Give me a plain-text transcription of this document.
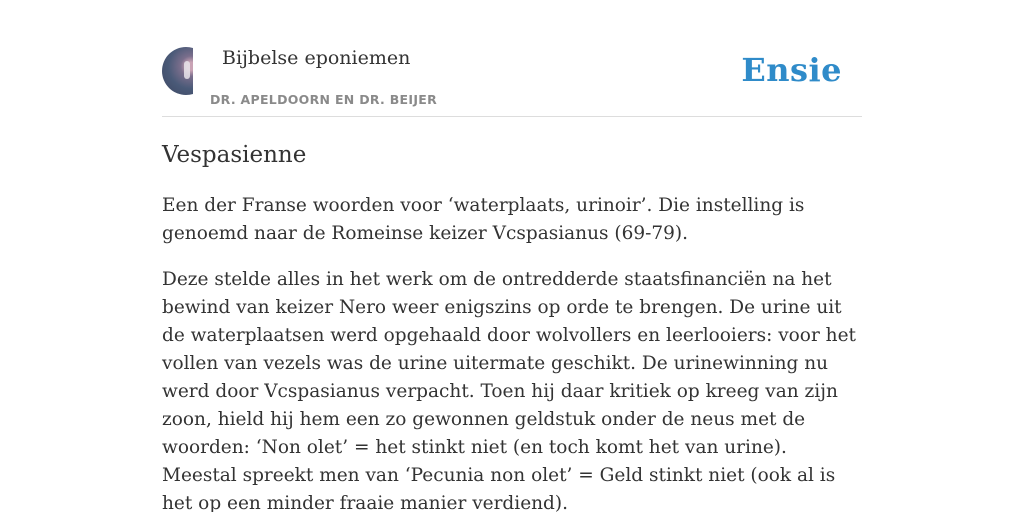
Bijbelse eponiemen
DR. APELDOORN EN DR. BEIJER
Ensie
Vespasienne

Een der Franse woorden voor ‘waterplaats, urinoir’. Die instelling is genoemd naar de Romeinse keizer Vcspasianus (69-79).

Deze stelde alles in het werk om de ontredderde staatsfinanciën na het bewind van keizer Nero weer enigszins op orde te brengen. De urine uit de waterplaatsen werd opgehaald door wolvollers en leerlooiers: voor het vollen van vezels was de urine uitermate geschikt. De urinewinning nu werd door Vcspasianus verpacht. Toen hij daar kritiek op kreeg van zijn zoon, hield hij hem een zo gewonnen geldstuk onder de neus met de woorden: ‘Non olet’ = het stinkt niet (en toch komt het van urine). Meestal spreekt men van ‘Pecunia non olet’ = Geld stinkt niet (ook al is het op een minder fraaie manier verdiend).
